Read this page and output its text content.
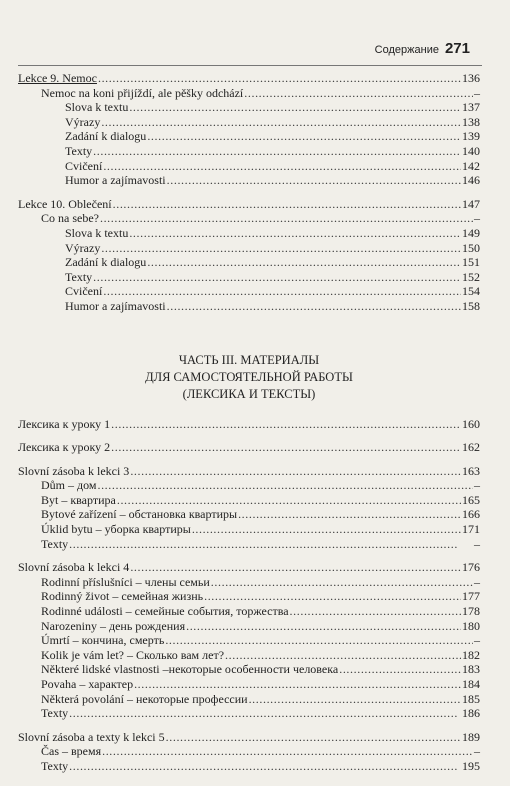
Содержание 271
Lekce 9. Nemoc . . .	136
Nemoc na koni přijíždí, ale pěšky odchází . . .	–
Slova k textu . . .	137
Výrazy . . .	138
Zadání k dialogu . . .	139
Texty . . .	140
Cvičení . . .	142
Humor a zajímavosti . . .	146
Lekce 10. Oblečení . . .	147
Co na sebe? . . .	–
Slova k textu . . .	149
Výrazy . . .	150
Zadání k dialogu . . .	151
Texty . . .	152
Cvičení . . .	154
Humor a zajímavosti . . .	158
ЧАСТЬ III. МАТЕРИАЛЫ
ДЛЯ САМОСТОЯТЕЛЬНОЙ РАБОТЫ
(ЛЕКСИКА И ТЕКСТЫ)
Лексика к уроку 1 . . .	160
Лексика к уроку 2 . . .	162
Slovní zásoba k lekci 3 . . .	163
Dům – дом . . .	–
Byt – квартира . . .	165
Bytové zařízení – обстановка квартиры . . .	166
Úklid bytu – уборка квартиры . . .	171
Texty . . .	–
Slovní zásoba k lekci 4 . . .	176
Rodinní příslušníci – члены семьи . . .	–
Rodinný život – семейная жизнь . . .	177
Rodinné události – семейные события, торжества . . .	178
Narozeniny – день рождения . . .	180
Úmrtí – кончина, смерть . . .	–
Kolik je vám let? – Сколько вам лет? . . .	182
Některé lidské vlastnosti –некоторые особенности человека . . .	183
Povaha – характер . . .	184
Některá povolání – некоторые профессии . . .	185
Texty . . .	186
Slovní zásoba a texty k lekci 5 . . .	189
Čas – время . . .	–
Texty . . .	195
